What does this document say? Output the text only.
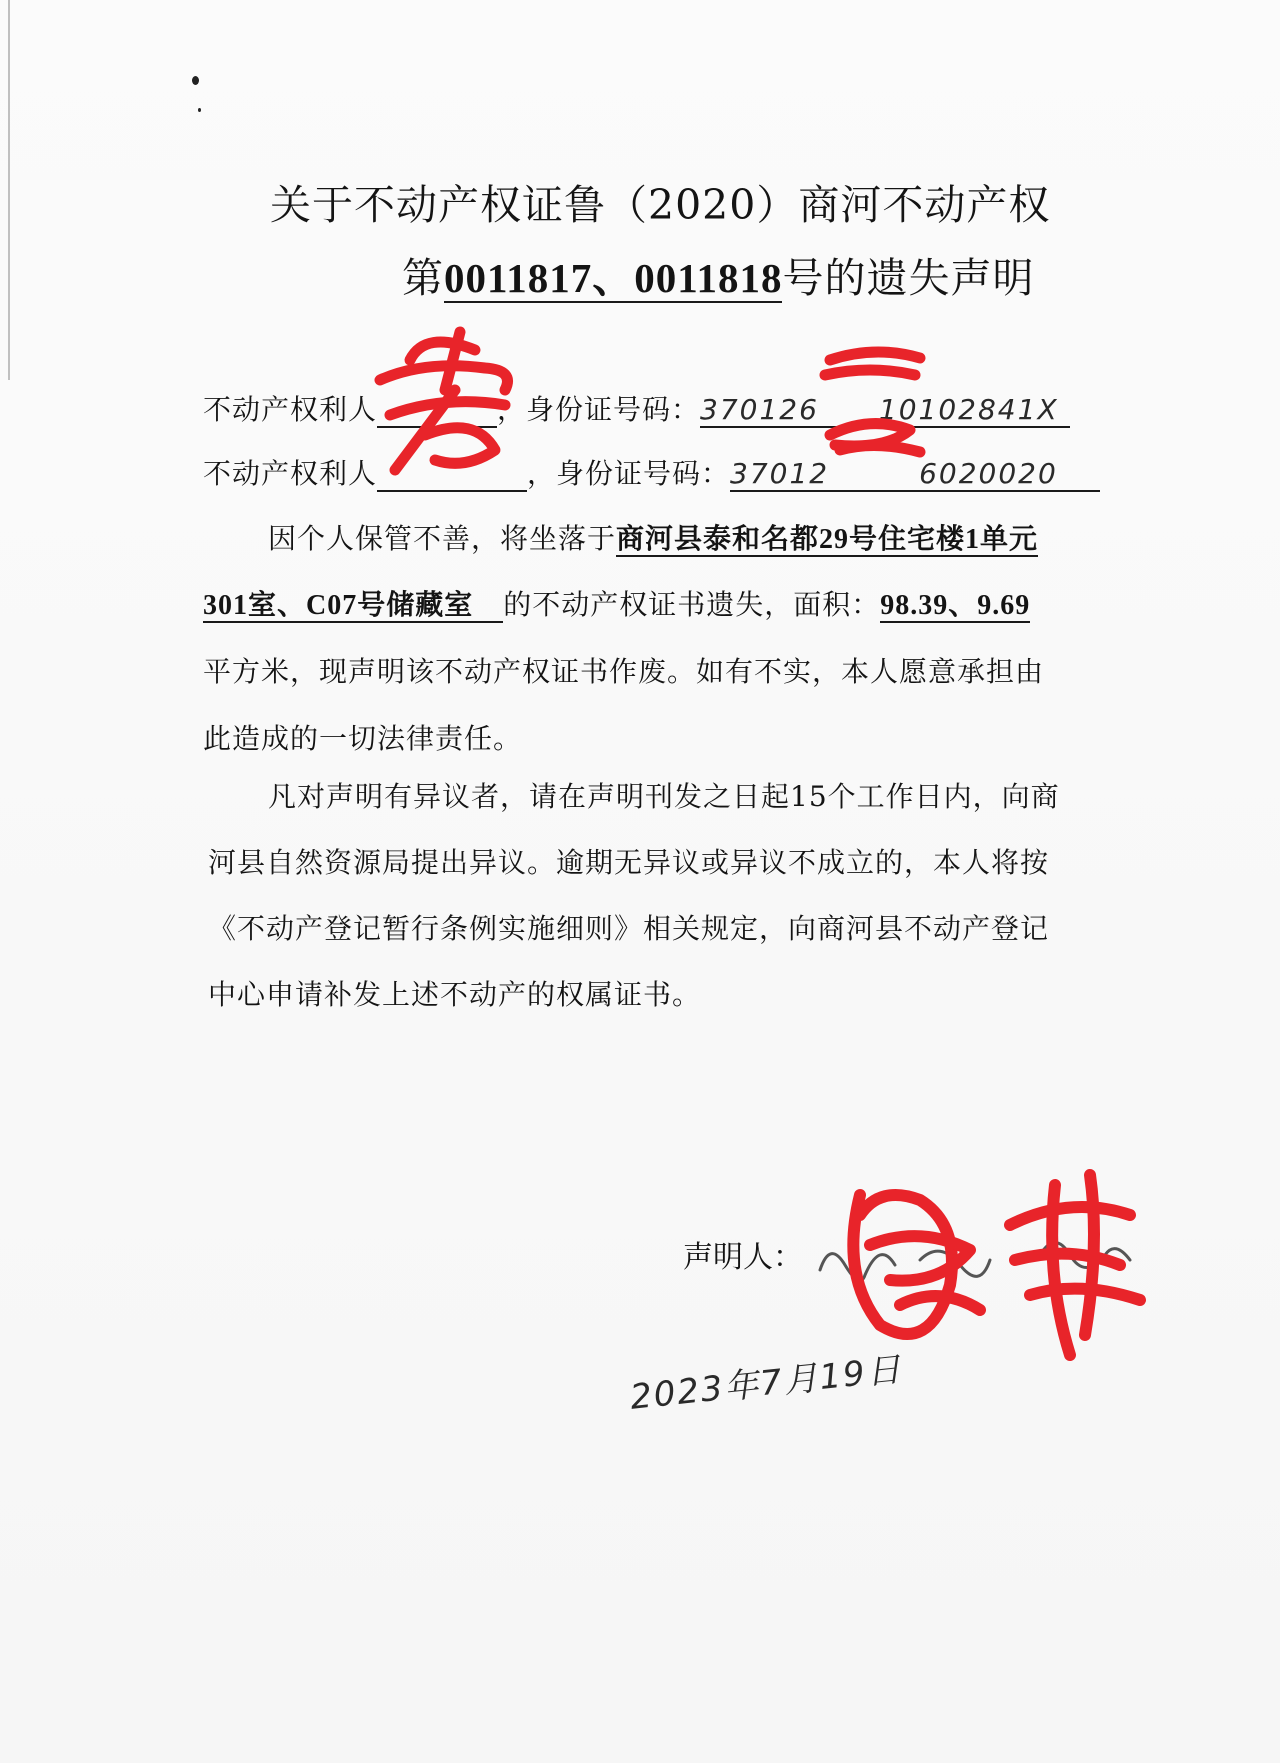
关于不动产权证鲁（2020）商河不动产权
第0011817、0011818号的遗失声明
不动产权利人	，身份证号码：370126 10102841X
不动产权利人	，身份证号码：37012	6020020
因个人保管不善，将坐落于商河县泰和名都29号住宅楼1单元
301室、C07号储藏室 的不动产权证书遗失，面积：98.39、9.69
平方米，现声明该不动产权证书作废。如有不实，本人愿意承担由
此造成的一切法律责任。
凡对声明有异议者，请在声明刊发之日起15个工作日内，向商
河县自然资源局提出异议。逾期无异议或异议不成立的，本人将按
《不动产登记暂行条例实施细则》相关规定，向商河县不动产登记
中心申请补发上述不动产的权属证书。
声明人：
2023年7月19日
